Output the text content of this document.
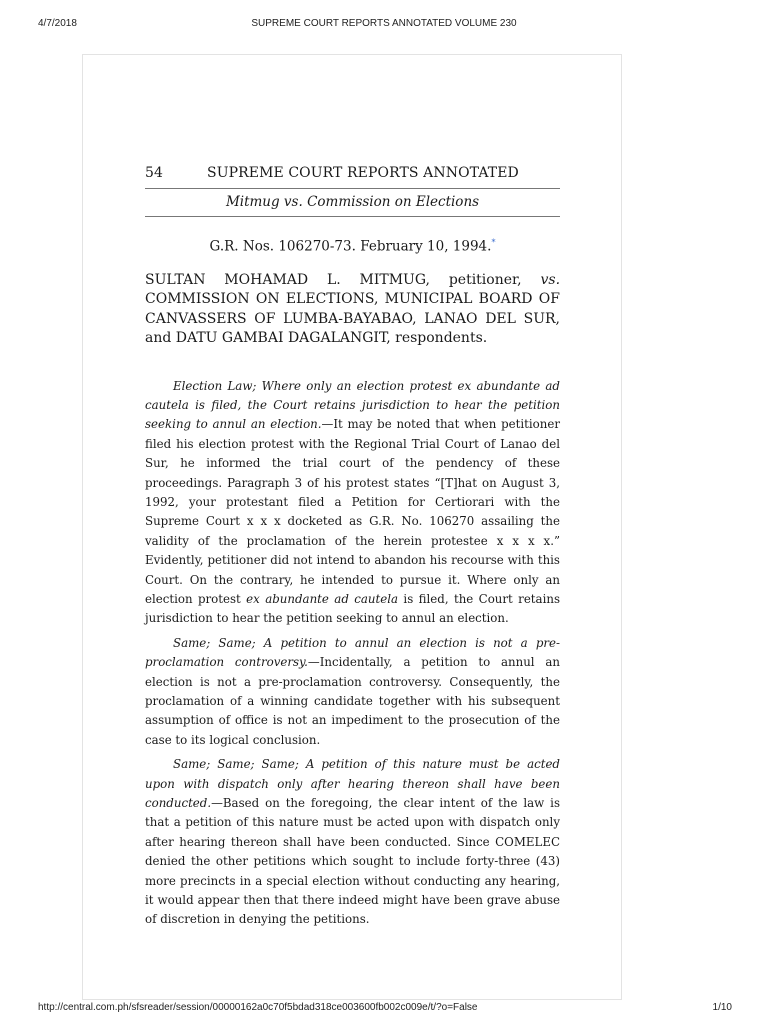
4/7/2018	SUPREME COURT REPORTS ANNOTATED VOLUME 230
54	SUPREME COURT REPORTS ANNOTATED
Mitmug vs. Commission on Elections
G.R. Nos. 106270-73. February 10, 1994.*
SULTAN MOHAMAD L. MITMUG, petitioner, vs. COMMISSION ON ELECTIONS, MUNICIPAL BOARD OF CANVASSERS OF LUMBA-BAYABAO, LANAO DEL SUR, and DATU GAMBAI DAGALANGIT, respondents.

Election Law; Where only an election protest ex abundante ad cautela is filed, the Court retains jurisdiction to hear the petition seeking to annul an election.—It may be noted that when petitioner filed his election protest with the Regional Trial Court of Lanao del Sur, he informed the trial court of the pendency of these proceedings. Paragraph 3 of his protest states “[T]hat on August 3, 1992, your protestant filed a Petition for Certiorari with the Supreme Court x x x docketed as G.R. No. 106270 assailing the validity of the proclamation of the herein protestee x x x x.” Evidently, petitioner did not intend to abandon his recourse with this Court. On the contrary, he intended to pursue it. Where only an election protest ex abundante ad cautela is filed, the Court retains jurisdiction to hear the petition seeking to annul an election.

Same; Same; A petition to annul an election is not a pre-proclamation controversy.—Incidentally, a petition to annul an election is not a pre-proclamation controversy. Consequently, the proclamation of a winning candidate together with his subsequent assumption of office is not an impediment to the prosecution of the case to its logical conclusion.

Same; Same; Same; A petition of this nature must be acted upon with dispatch only after hearing thereon shall have been conducted.—Based on the foregoing, the clear intent of the law is that a petition of this nature must be acted upon with dispatch only after hearing thereon shall have been conducted. Since COMELEC denied the other petitions which sought to include forty-three (43) more precincts in a special election without conducting any hearing, it would appear then that there indeed might have been grave abuse of discretion in denying the petitions.

http://central.com.ph/sfsreader/session/00000162a0c70f5bdad318ce003600fb002c009e/t/?o=False	1/10
